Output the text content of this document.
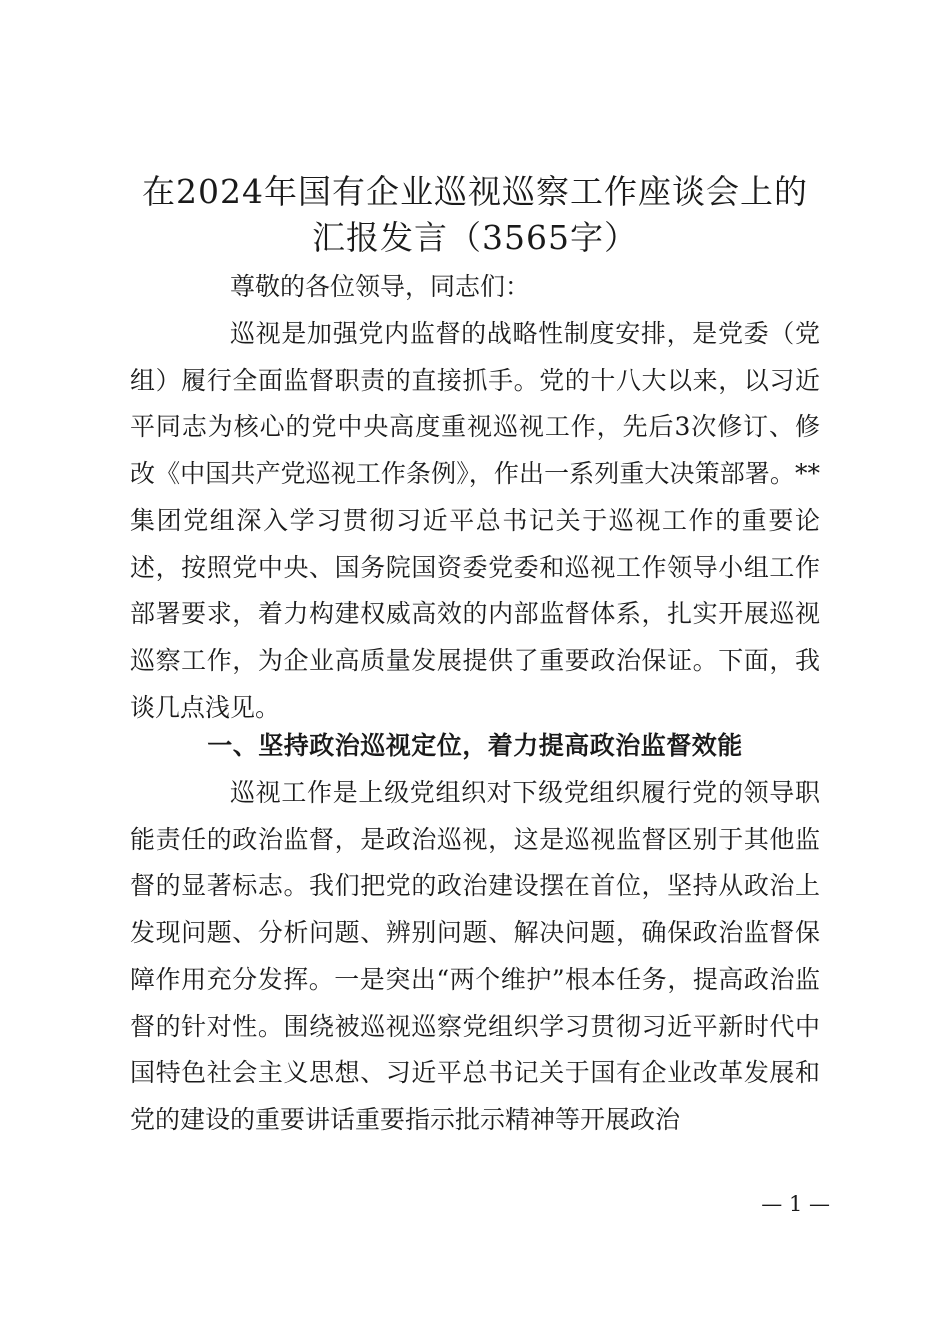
在2024年国有企业巡视巡察工作座谈会上的
汇报发言（3565字）

尊敬的各位领导，同志们：

巡视是加强党内监督的战略性制度安排，是党委（党组）履行全面监督职责的直接抓手。党的十八大以来，以习近平同志为核心的党中央高度重视巡视工作，先后3次修订、修改《中国共产党巡视工作条例》，作出一系列重大决策部署。**集团党组深入学习贯彻习近平总书记关于巡视工作的重要论述，按照党中央、国务院国资委党委和巡视工作领导小组工作部署要求，着力构建权威高效的内部监督体系，扎实开展巡视巡察工作，为企业高质量发展提供了重要政治保证。下面，我谈几点浅见。

一、坚持政治巡视定位，着力提高政治监督效能

巡视工作是上级党组织对下级党组织履行党的领导职能责任的政治监督，是政治巡视，这是巡视监督区别于其他监督的显著标志。我们把党的政治建设摆在首位，坚持从政治上发现问题、分析问题、辨别问题、解决问题，确保政治监督保障作用充分发挥。一是突出“两个维护”根本任务，提高政治监督的针对性。围绕被巡视巡察党组织学习贯彻习近平新时代中国特色社会主义思想、习近平总书记关于国有企业改革发展和党的建设的重要讲话重要指示批示精神等开展政治

— 1 —
